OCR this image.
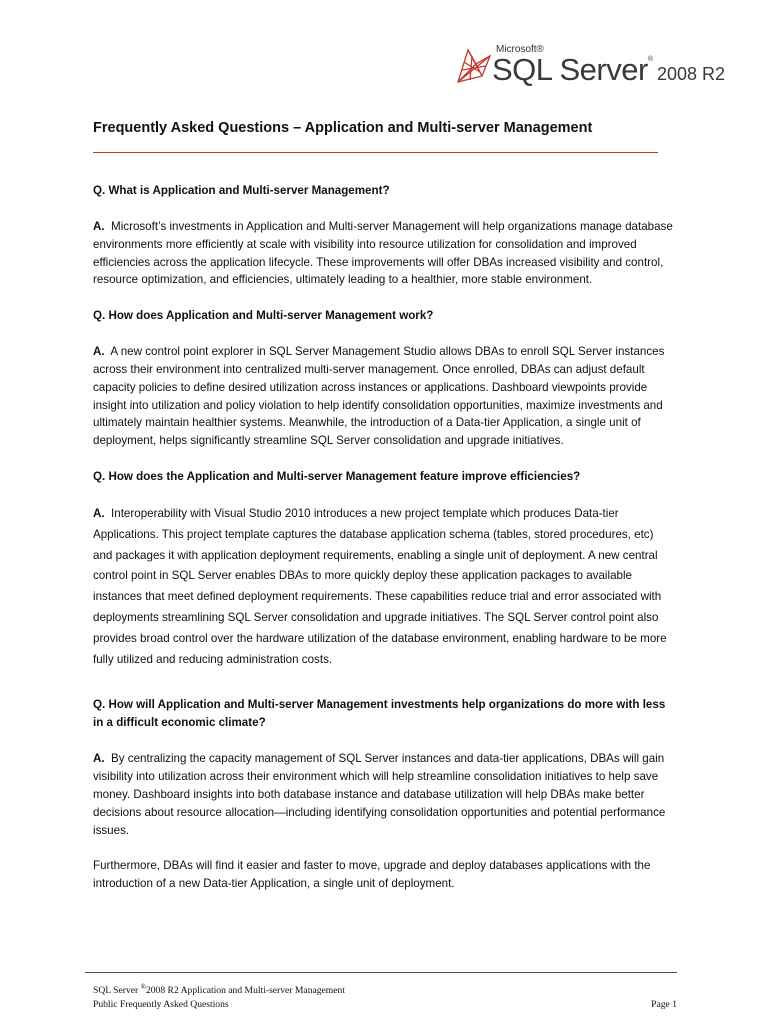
Microsoft®
SQL Server®2008 R2
Frequently Asked Questions – Application and Multi-server Management

Q. What is Application and Multi-server Management?

A. Microsoft’s investments in Application and Multi-server Management will help organizations manage database environments more efficiently at scale with visibility into resource utilization for consolidation and improved efficiencies across the application lifecycle. These improvements will offer DBAs increased visibility and control, resource optimization, and efficiencies, ultimately leading to a healthier, more stable environment.

Q. How does Application and Multi-server Management work?

A. A new control point explorer in SQL Server Management Studio allows DBAs to enroll SQL Server instances across their environment into centralized multi-server management. Once enrolled, DBAs can adjust default capacity policies to define desired utilization across instances or applications. Dashboard viewpoints provide insight into utilization and policy violation to help identify consolidation opportunities, maximize investments and ultimately maintain healthier systems. Meanwhile, the introduction of a Data-tier Application, a single unit of deployment, helps significantly streamline SQL Server consolidation and upgrade initiatives.

Q. How does the Application and Multi-server Management feature improve efficiencies?

A. Interoperability with Visual Studio 2010 introduces a new project template which produces Data-tier Applications. This project template captures the database application schema (tables, stored procedures, etc) and packages it with application deployment requirements, enabling a single unit of deployment. A new central control point in SQL Server enables DBAs to more quickly deploy these application packages to available instances that meet defined deployment requirements. These capabilities reduce trial and error associated with deployments streamlining SQL Server consolidation and upgrade initiatives. The SQL Server control point also provides broad control over the hardware utilization of the database environment, enabling hardware to be more fully utilized and reducing administration costs.

Q. How will Application and Multi-server Management investments help organizations do more with less in a difficult economic climate?

A. By centralizing the capacity management of SQL Server instances and data-tier applications, DBAs will gain visibility into utilization across their environment which will help streamline consolidation initiatives to help save money. Dashboard insights into both database instance and database utilization will help DBAs make better decisions about resource allocation—including identifying consolidation opportunities and potential performance issues.

Furthermore, DBAs will find it easier and faster to move, upgrade and deploy databases applications with the introduction of a new Data-tier Application, a single unit of deployment.

SQL Server ®2008 R2 Application and Multi-server Management
Public Frequently Asked Questions	Page 1
